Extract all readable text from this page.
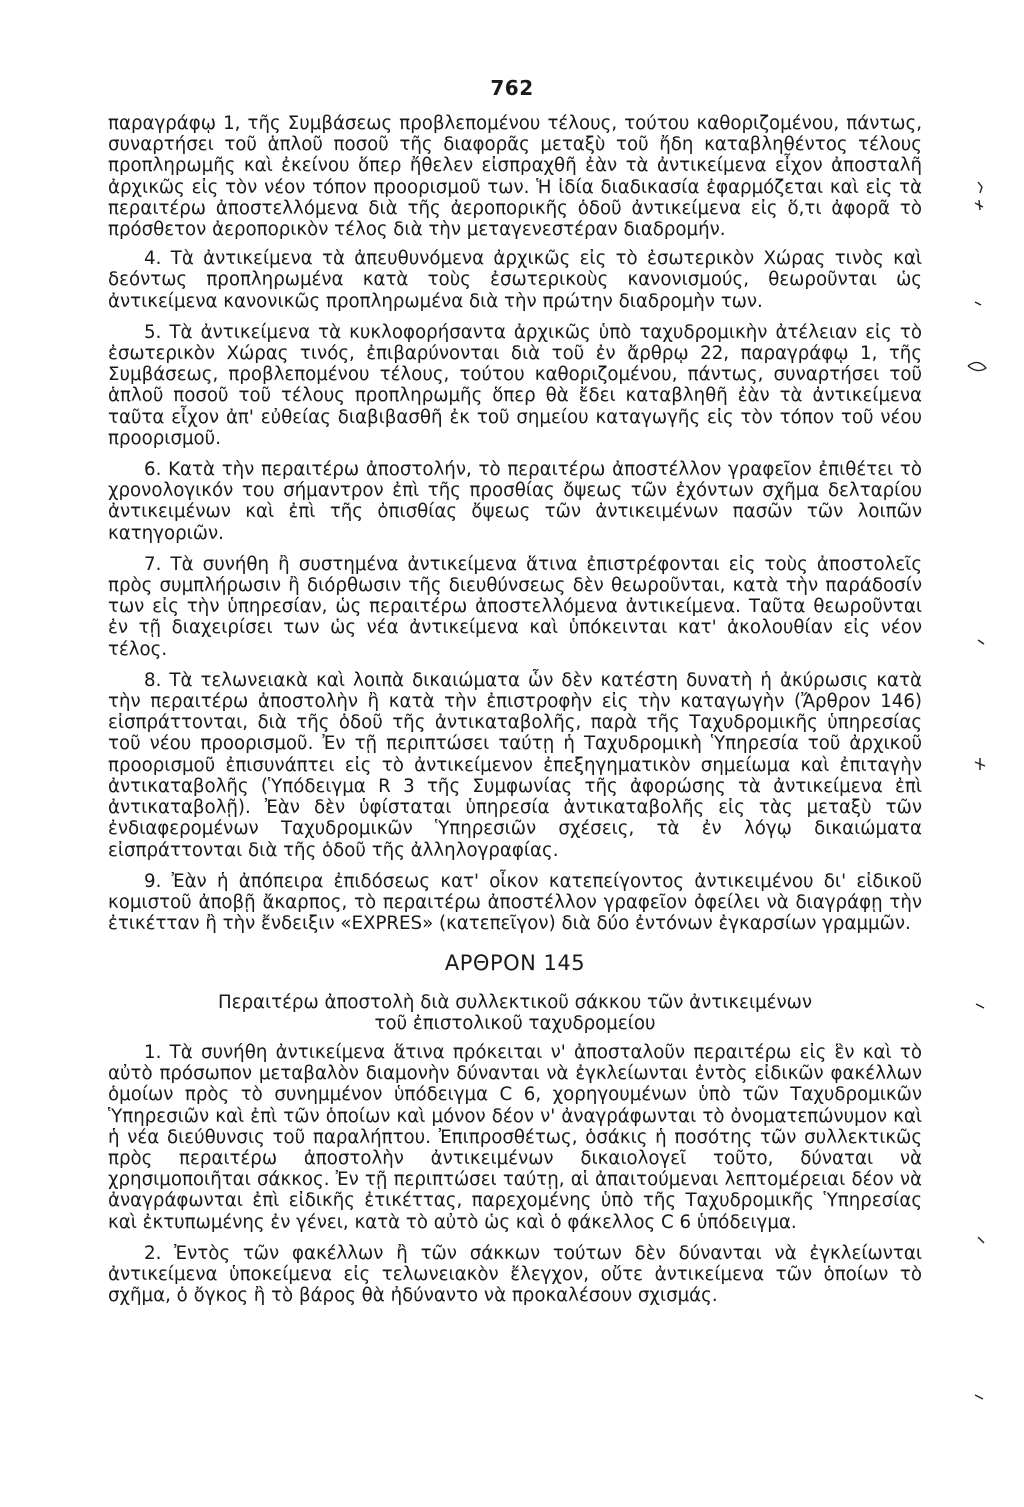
762

παραγράφῳ 1, τῆς Συμβάσεως προβλεπομένου τέλους, τούτου καθοριζομένου, πάντως, συναρτήσει τοῦ ἁπλοῦ ποσοῦ τῆς διαφορᾶς μεταξὺ τοῦ ἤδη καταβληθέντος τέλους προπληρωμῆς καὶ ἐκείνου ὅπερ ἤθελεν εἰσπραχθῆ ἐὰν τὰ ἀντικείμενα εἶχον ἀποσταλῆ ἀρχικῶς εἰς τὸν νέον τόπον προορισμοῦ των. Ἡ ἰδία διαδικασία ἐφαρμόζεται καὶ εἰς τὰ περαιτέρω ἀποστελλόμενα διὰ τῆς ἀεροπορικῆς ὁδοῦ ἀντικείμενα εἰς ὅ,τι ἀφορᾶ τὸ πρόσθετον ἀεροπορικὸν τέλος διὰ τὴν μεταγενεστέραν διαδρομήν.

4. Τὰ ἀντικείμενα τὰ ἀπευθυνόμενα ἀρχικῶς εἰς τὸ ἐσωτερικὸν Χώρας τινὸς καὶ δεόντως προπληρωμένα κατὰ τοὺς ἐσωτερικοὺς κανονισμούς, θεωροῦνται ὡς ἀντικείμενα κανονικῶς προπληρωμένα διὰ τὴν πρώτην διαδρομὴν των.

5. Τὰ ἀντικείμενα τὰ κυκλοφορήσαντα ἀρχικῶς ὑπὸ ταχυδρομικὴν ἀτέλειαν εἰς τὸ ἐσωτερικὸν Χώρας τινός, ἐπιβαρύνονται διὰ τοῦ ἐν ἄρθρῳ 22, παραγράφῳ 1, τῆς Συμβάσεως, προβλεπομένου τέλους, τούτου καθοριζομένου, πάντως, συναρτήσει τοῦ ἁπλοῦ ποσοῦ τοῦ τέλους προπληρωμῆς ὅπερ θὰ ἔδει καταβληθῆ ἐὰν τὰ ἀντικείμενα ταῦτα εἶχον ἀπ' εὐθείας διαβιβασθῆ ἐκ τοῦ σημείου καταγωγῆς εἰς τὸν τόπον τοῦ νέου προορισμοῦ.

6. Κατὰ τὴν περαιτέρω ἀποστολήν, τὸ περαιτέρω ἀποστέλλον γραφεῖον ἐπιθέτει τὸ χρονολογικόν του σήμαντρον ἐπὶ τῆς προσθίας ὄψεως τῶν ἐχόντων σχῆμα δελταρίου ἀντικειμένων καὶ ἐπὶ τῆς ὀπισθίας ὄψεως τῶν ἀντικειμένων πασῶν τῶν λοιπῶν κατηγοριῶν.

7. Τὰ συνήθη ἢ συστημένα ἀντικείμενα ἅτινα ἐπιστρέφονται εἰς τοὺς ἀποστολεῖς πρὸς συμπλήρωσιν ἢ διόρθωσιν τῆς διευθύνσεως δὲν θεωροῦνται, κατὰ τὴν παράδοσίν των εἰς τὴν ὑπηρεσίαν, ὡς περαιτέρω ἀποστελλόμενα ἀντικείμενα. Ταῦτα θεωροῦνται ἐν τῇ διαχειρίσει των ὡς νέα ἀντικείμενα καὶ ὑπόκεινται κατ' ἀκολουθίαν εἰς νέον τέλος.

8. Τὰ τελωνειακὰ καὶ λοιπὰ δικαιώματα ὧν δὲν κατέστη δυνατὴ ἡ ἀκύρωσις κατὰ τὴν περαιτέρω ἀποστολὴν ἢ κατὰ τὴν ἐπιστροφὴν εἰς τὴν καταγωγὴν (Ἄρθρον 146) εἰσπράττονται, διὰ τῆς ὁδοῦ τῆς ἀντικαταβολῆς, παρὰ τῆς Ταχυδρομικῆς ὑπηρεσίας τοῦ νέου προορισμοῦ. Ἐν τῇ περιπτώσει ταύτῃ ἡ Ταχυδρομικὴ Ὑπηρεσία τοῦ ἀρχικοῦ προορισμοῦ ἐπισυνάπτει εἰς τὸ ἀντικείμενον ἐπεξηγηματικὸν σημείωμα καὶ ἐπιταγὴν ἀντικαταβολῆς (Ὑπόδειγμα R 3 τῆς Συμφωνίας τῆς ἀφορώσης τὰ ἀντικείμενα ἐπὶ ἀντικαταβολῇ). Ἐὰν δὲν ὑφίσταται ὑπηρεσία ἀντικαταβολῆς εἰς τὰς μεταξὺ τῶν ἐνδιαφερομένων Ταχυδρομικῶν Ὑπηρεσιῶν σχέσεις, τὰ ἐν λόγῳ δικαιώματα εἰσπράττονται διὰ τῆς ὁδοῦ τῆς ἀλληλογραφίας.

9. Ἐὰν ἡ ἀπόπειρα ἐπιδόσεως κατ' οἶκον κατεπείγοντος ἀντικειμένου δι' εἰδικοῦ κομιστοῦ ἀποβῇ ἄκαρπος, τὸ περαιτέρω ἀποστέλλον γραφεῖον ὀφείλει νὰ διαγράφῃ τὴν ἐτικέτταν ἢ τὴν ἔνδειξιν «EXPRES» (κατεπεῖγον) διὰ δύο ἐντόνων ἐγκαρσίων γραμμῶν.

ΑΡΘΡΟΝ 145

Περαιτέρω ἀποστολὴ διὰ συλλεκτικοῦ σάκκου τῶν ἀντικειμένων

τοῦ ἐπιστολικοῦ ταχυδρομείου

1. Τὰ συνήθη ἀντικείμενα ἅτινα πρόκειται ν' ἀποσταλοῦν περαιτέρω εἰς ἓν καὶ τὸ αὐτὸ πρόσωπον μεταβαλὸν διαμονὴν δύνανται νὰ ἐγκλείωνται ἐντὸς εἰδικῶν φακέλλων ὁμοίων πρὸς τὸ συνημμένον ὑπόδειγμα C 6, χορηγουμένων ὑπὸ τῶν Ταχυδρομικῶν Ὑπηρεσιῶν καὶ ἐπὶ τῶν ὁποίων καὶ μόνον δέον ν' ἀναγράφωνται τὸ ὀνοματεπώνυμον καὶ ἡ νέα διεύθυνσις τοῦ παραλήπτου. Ἐπιπροσθέτως, ὁσάκις ἡ ποσότης τῶν συλλεκτικῶς πρὸς περαιτέρω ἀποστολὴν ἀντικειμένων δικαιολογεῖ τοῦτο, δύναται νὰ χρησιμοποιῆται σάκκος. Ἐν τῇ περιπτώσει ταύτῃ, αἱ ἀπαιτούμεναι λεπτομέρειαι δέον νὰ ἀναγράφωνται ἐπὶ εἰδικῆς ἐτικέττας, παρεχομένης ὑπὸ τῆς Ταχυδρομικῆς Ὑπηρεσίας καὶ ἐκτυπωμένης ἐν γένει, κατὰ τὸ αὐτὸ ὡς καὶ ὁ φάκελλος C 6 ὑπόδειγμα.

2. Ἐντὸς τῶν φακέλλων ἢ τῶν σάκκων τούτων δὲν δύνανται νὰ ἐγκλείωνται ἀντικείμενα ὑποκείμενα εἰς τελωνειακὸν ἔλεγχον, οὔτε ἀντικείμενα τῶν ὁποίων τὸ σχῆμα, ὁ ὄγκος ἢ τὸ βάρος θὰ ἠδύναντο νὰ προκαλέσουν σχισμάς.
